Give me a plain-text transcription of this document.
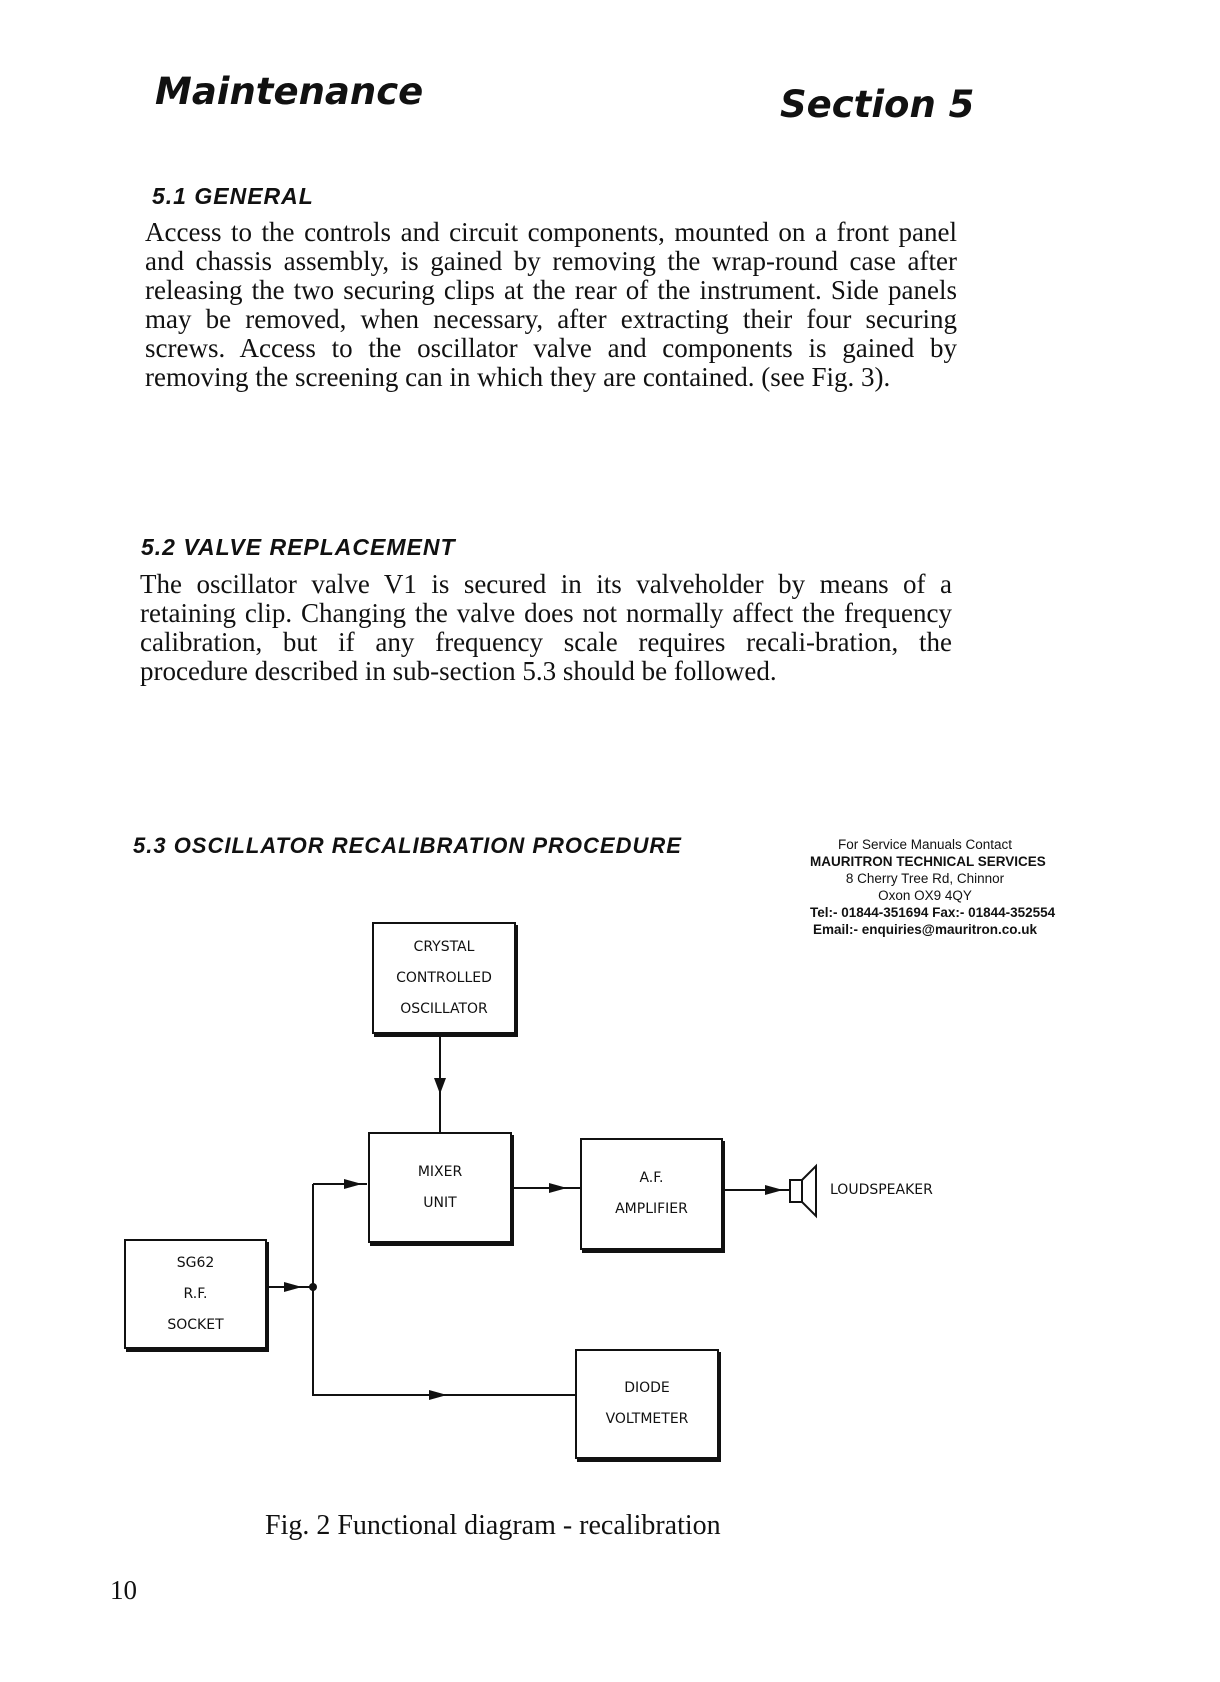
Maintenance	Section 5
5.1 GENERAL

Access to the controls and circuit components, mounted on a front panel and chassis assembly, is gained by removing the wrap-round case after releasing the two securing clips at the rear of the instrument. Side panels may be removed, when necessary, after extracting their four securing screws. Access to the oscillator valve and components is gained by removing the screening can in which they are contained. (see Fig. 3).

5.2 VALVE REPLACEMENT

The oscillator valve V1 is secured in its valveholder by means of a retaining clip. Changing the valve does not normally affect the frequency calibration, but if any frequency scale requires recali-bration, the procedure described in sub-section 5.3 should be followed.

5.3 OSCILLATOR RECALIBRATION PROCEDURE	For Service Manuals Contact
MAURITRON TECHNICAL SERVICES
8 Cherry Tree Rd, Chinnor
Oxon OX9 4QY
Tel:- 01844-351694 Fax:- 01844-352554
Email:- enquiries@mauritron.co.uk
CRYSTAL
CONTROLLED
OSCILLATOR
MIXER
UNIT
A.F.
AMPLIFIER
SG62
R.F.
SOCKET
DIODE
VOLTMETER
LOUDSPEAKER

Fig. 2 Functional diagram - recalibration

10
